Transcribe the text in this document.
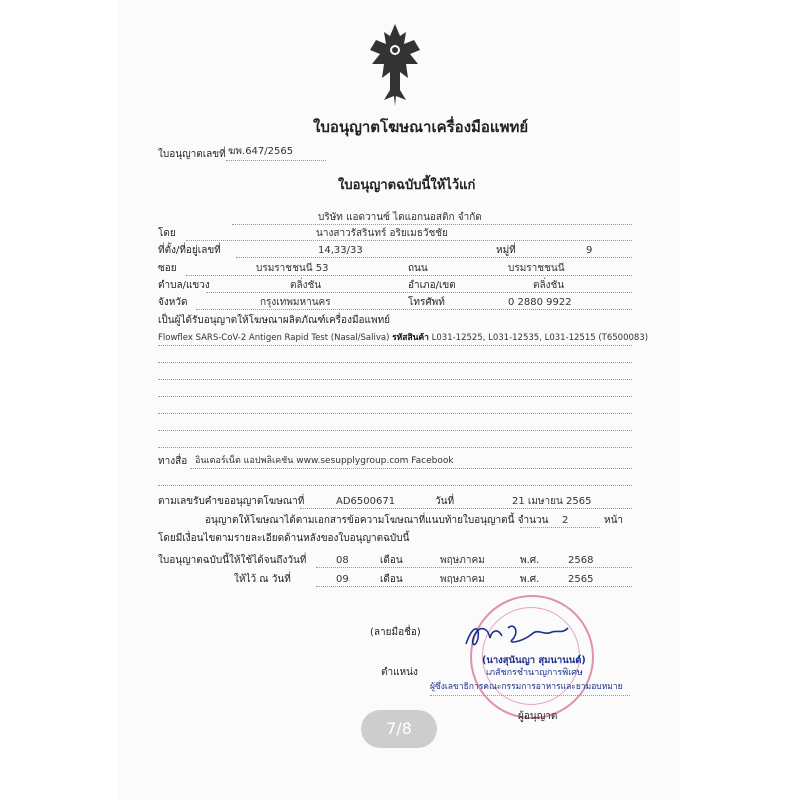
ใบอนุญาตโฆษณาเครื่องมือแพทย์
ใบอนุญาตเลขที่ ฆพ.647/2565
ใบอนุญาตฉบับนี้ให้ไว้แก่
บริษัท แอดวานซ์ ไดแอกนอสติก จำกัด
โดย	นางสาวรัสรินทร์ อริยเมธวัชชัย
ที่ตั้ง/ที่อยู่เลขที่	14,33/33	หมู่ที่	9
ซอย	บรมราชชนนี 53	ถนน	บรมราชชนนี
ตำบล/แขวง	ตลิ่งชัน	อำเภอ/เขต	ตลิ่งชัน
จังหวัด	กรุงเทพมหานคร	โทรศัพท์	0 2880 9922
เป็นผู้ได้รับอนุญาตให้โฆษณาผลิตภัณฑ์เครื่องมือแพทย์
Flowflex SARS-CoV-2 Antigen Rapid Test (Nasal/Saliva) รหัสสินค้า L031-12525, L031-12535, L031-12515 (T6500083)
ทางสื่อ อินเตอร์เน็ต แอปพลิเคชัน www.sesupplygroup.com Facebook
ตามเลขรับคำขออนุญาตโฆษณาที่	AD6500671	วันที่	21 เมษายน 2565
อนุญาตให้โฆษณาได้ตามเอกสารข้อความโฆษณาที่แนบท้ายใบอนุญาตนี้ จำนวน 2	หน้า
โดยมีเงื่อนไขตามรายละเอียดด้านหลังของใบอนุญาตฉบับนี้
ใบอนุญาตฉบับนี้ให้ใช้ได้จนถึงวันที่	08	เดือน	พฤษภาคม	พ.ศ.	2568
ให้ไว้ ณ วันที่	09	เดือน	พฤษภาคม	พ.ศ.	2565
(ลายมือชื่อ)
(นางสุนันญา สุมนานนต์)
ตำแหน่ง	เภสัชกรชำนาญการพิเศษ
ผู้ซึ่งเลขาธิการคณะกรรมการอาหารและยามอบหมาย
ผู้อนุญาต
7/8
